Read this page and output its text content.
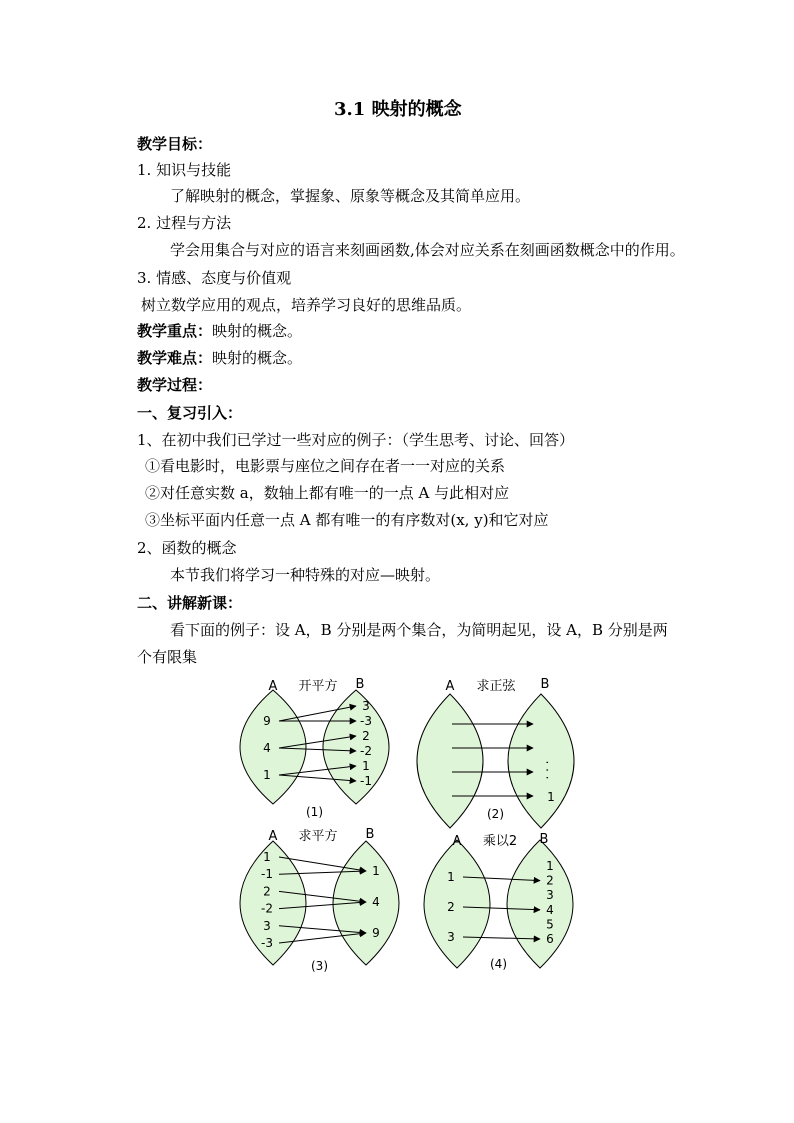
3.1 映射的概念
教学目标：
1. 知识与技能
了解映射的概念，掌握象、原象等概念及其简单应用。
2. 过程与方法
学会用集合与对应的语言来刻画函数,体会对应关系在刻画函数概念中的作用。
3. 情感、态度与价值观
树立数学应用的观点，培养学习良好的思维品质。
教学重点：映射的概念。
教学难点：映射的概念。
教学过程：
一、复习引入：
1、在初中我们已学过一些对应的例子：（学生思考、讨论、回答）
①看电影时，电影票与座位之间存在者一一对应的关系
②对任意实数 a，数轴上都有唯一的一点 A 与此相对应
③坐标平面内任意一点 A 都有唯一的有序数对(x, y)和它对应
2、函数的概念
本节我们将学习一种特殊的对应—映射。
二、讲解新课：
看下面的例子：设 A，B 分别是两个集合，为简明起见，设 A，B 分别是两
个有限集
A	B
开平方
(1)
9
4
1
3
-3
2
-2
1
-1
A	B
求正弦
(2)
1
· · ·
A	B
求平方
(3)
1
-1
2
-2
3
-3
1
4
9
A	B
乘以2
(4)
1
2
3
1
2
3
4
5
6
